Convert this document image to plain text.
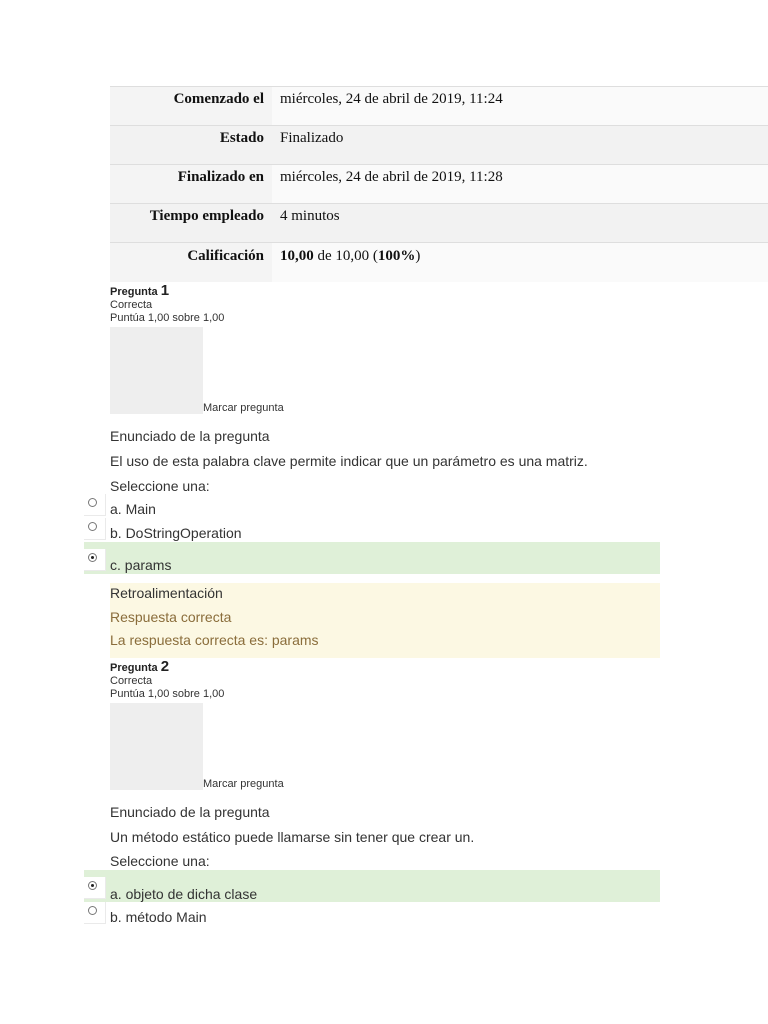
Comenzado el	miércoles, 24 de abril de 2019, 11:24
Estado	Finalizado
Finalizado en	miércoles, 24 de abril de 2019, 11:28
Tiempo empleado	4 minutos
Calificación	10,00 de 10,00 (100%)
Pregunta 1
Correcta
Puntúa 1,00 sobre 1,00
Marcar pregunta
Enunciado de la pregunta
El uso de esta palabra clave permite indicar que un parámetro es una matriz.
Seleccione una:
a. Main
b. DoStringOperation
c. params
Retroalimentación
Respuesta correcta
La respuesta correcta es: params
Pregunta 2
Correcta
Puntúa 1,00 sobre 1,00
Marcar pregunta
Enunciado de la pregunta
Un método estático puede llamarse sin tener que crear un.
Seleccione una:
a. objeto de dicha clase
b. método Main
